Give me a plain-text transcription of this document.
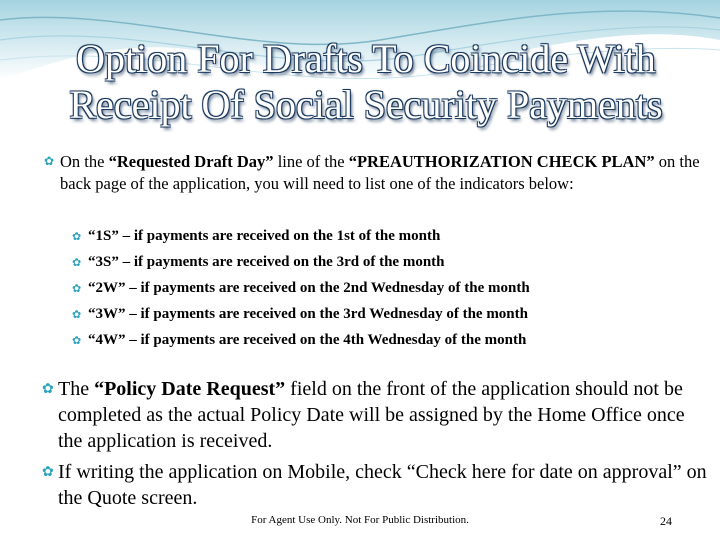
Option For Drafts To Coincide With
Receipt Of Social Security Payments
✿ On the “Requested Draft Day” line of the “PREAUTHORIZATION CHECK PLAN” on the back page of the application, you will need to list one of the indicators below:

✿ “1S” – if payments are received on the 1st of the month
✿ “3S” – if payments are received on the 3rd of the month
✿ “2W” – if payments are received on the 2nd Wednesday of the month
✿ “3W” – if payments are received on the 3rd Wednesday of the month
✿ “4W” – if payments are received on the 4th Wednesday of the month
✿ The “Policy Date Request” field on the front of the application should not be completed as the actual Policy Date will be assigned by the Home Office once the application is received.

✿ If writing the application on Mobile, check “Check here for date on approval” on the Quote screen.

For Agent Use Only. Not For Public Distribution.	24
